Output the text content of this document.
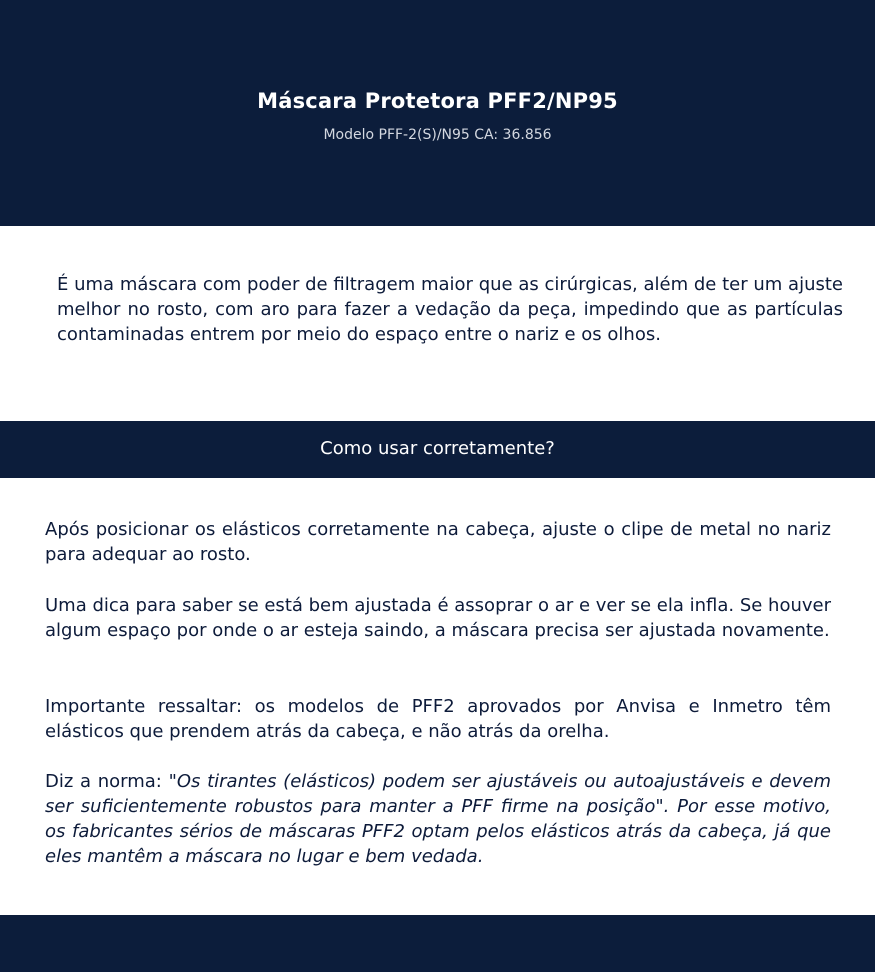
Máscara Protetora PFF2/NP95
Modelo PFF-2(S)/N95 CA: 36.856
É uma máscara com poder de filtragem maior que as cirúrgicas, além de ter um ajuste melhor no rosto, com aro para fazer a vedação da peça, impedindo que as partículas contaminadas entrem por meio do espaço entre o nariz e os olhos.
Como usar corretamente?

Após posicionar os elásticos corretamente na cabeça, ajuste o clipe de metal no nariz para adequar ao rosto.

Uma dica para saber se está bem ajustada é assoprar o ar e ver se ela infla. Se houver algum espaço por onde o ar esteja saindo, a máscara precisa ser ajustada novamente.

Importante ressaltar: os modelos de PFF2 aprovados por Anvisa e Inmetro têm elásticos que prendem atrás da cabeça, e não atrás da orelha.

Diz a norma: "Os tirantes (elásticos) podem ser ajustáveis ou autoajustáveis e devem ser suficientemente robustos para manter a PFF firme na posição". Por esse motivo, os fabricantes sérios de máscaras PFF2 optam pelos elásticos atrás da cabeça, já que eles mantêm a máscara no lugar e bem vedada.
